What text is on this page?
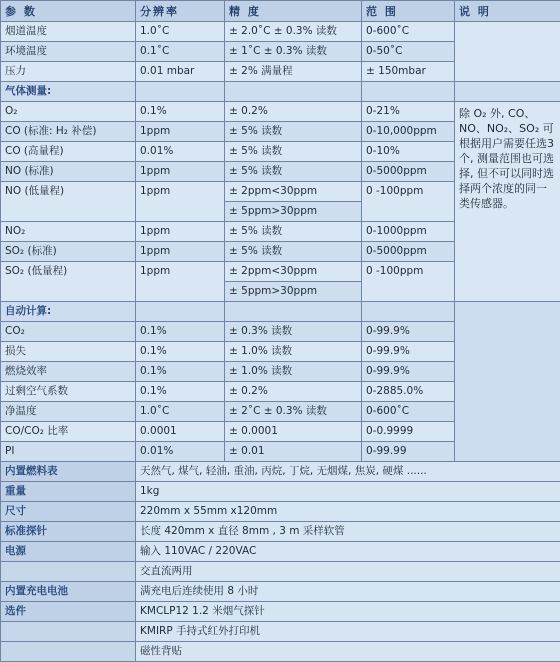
参 数	分辨率	精 度	范 围	说 明
烟道温度	1.0˚C	± 2.0˚C ± 0.3% 读数	0-600˚C	
环境温度	0.1˚C	± 1˚C ± 0.3% 读数	0-50˚C	
压力	0.01 mbar	± 2% 满量程	± 150mbar	
气体测量:				
O₂	0.1%	± 0.2%	0-21%	除 O₂ 外, CO、NO、NO₂、SO₂ 可根据用户需要任选3个, 测量范围也可选择, 但不可以同时选择两个浓度的同一类传感器。
CO (标准: H₂ 补偿)	1ppm	± 5% 读数	0-10,000ppm	
CO (高量程)	0.01%	± 5% 读数	0-10%	
NO (标准)	1ppm	± 5% 读数	0-5000ppm	
NO (低量程)	1ppm	± 2ppm<30ppm	0 -100ppm	
		± 5ppm>30ppm		
NO₂	1ppm	± 5% 读数	0-1000ppm	
SO₂ (标准)	1ppm	± 5% 读数	0-5000ppm	
SO₂ (低量程)	1ppm	± 2ppm<30ppm	0 -100ppm	
		± 5ppm>30ppm		
自动计算:				
CO₂	0.1%	± 0.3% 读数	0-99.9%	
损失	0.1%	± 1.0% 读数	0-99.9%	
燃烧效率	0.1%	± 1.0% 读数	0-99.9%	
过剩空气系数	0.1%	± 0.2%	0-2885.0%	
净温度	1.0˚C	± 2˚C ± 0.3% 读数	0-600˚C	
CO/CO₂ 比率	0.0001	± 0.0001	0-0.9999	
PI	0.01%	± 0.01	0-99.99	
内置燃料表	天然气, 煤气, 轻油, 重油, 丙烷, 丁烷, 无烟煤, 焦炭, 硬煤 ......			
重量	1kg			
尺寸	220mm x 55mm x120mm			
标准探针	长度 420mm x 直径 8mm , 3 m 采样软管			
电源	输入 110VAC / 220VAC			
	交直流两用			
内置充电电池	满充电后连续使用 8 小时			
选件	KMCLP12 1.2 米烟气探针			
	KMIRP 手持式红外打印机			
	磁性背贴			
